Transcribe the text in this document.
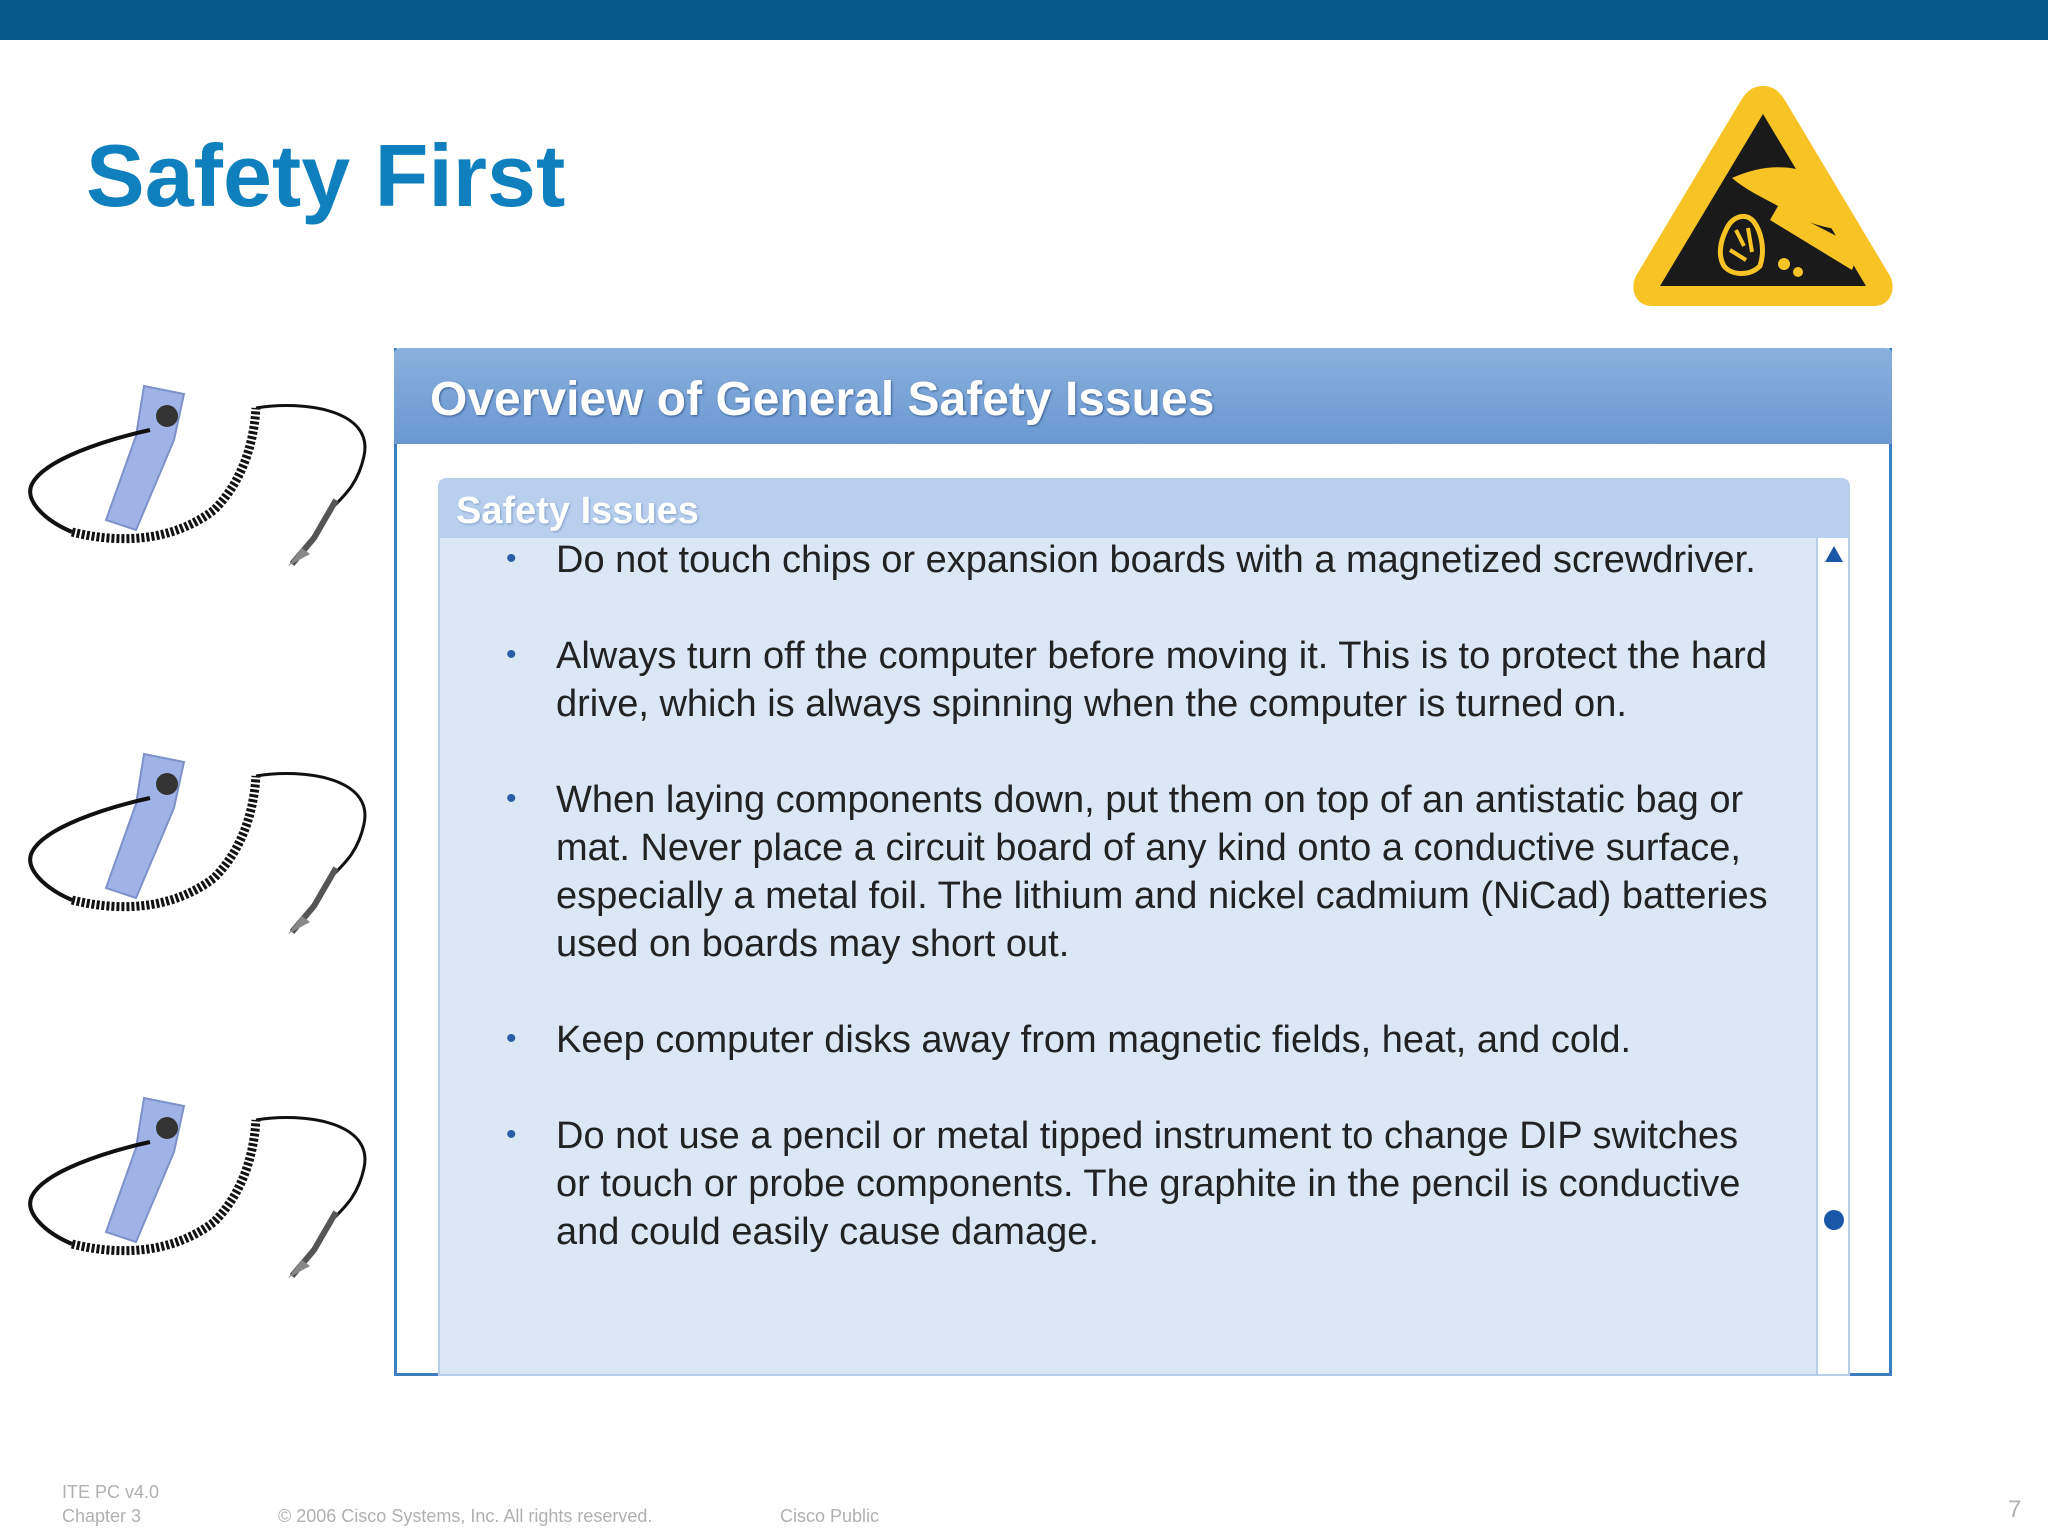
Safety First
Overview of General Safety Issues
Safety Issues
• Do not touch chips or expansion boards with a magnetized screwdriver.
• Always turn off the computer before moving it. This is to protect the hard drive, which is always spinning when the computer is turned on.
• When laying components down, put them on top of an antistatic bag or mat. Never place a circuit board of any kind onto a conductive surface, especially a metal foil. The lithium and nickel cadmium (NiCad) batteries used on boards may short out.
• Keep computer disks away from magnetic fields, heat, and cold.
• Do not use a pencil or metal tipped instrument to change DIP switches or touch or probe components. The graphite in the pencil is conductive and could easily cause damage.
ITE PC v4.0
Chapter 3	© 2006 Cisco Systems, Inc. All rights reserved.	Cisco Public	7
